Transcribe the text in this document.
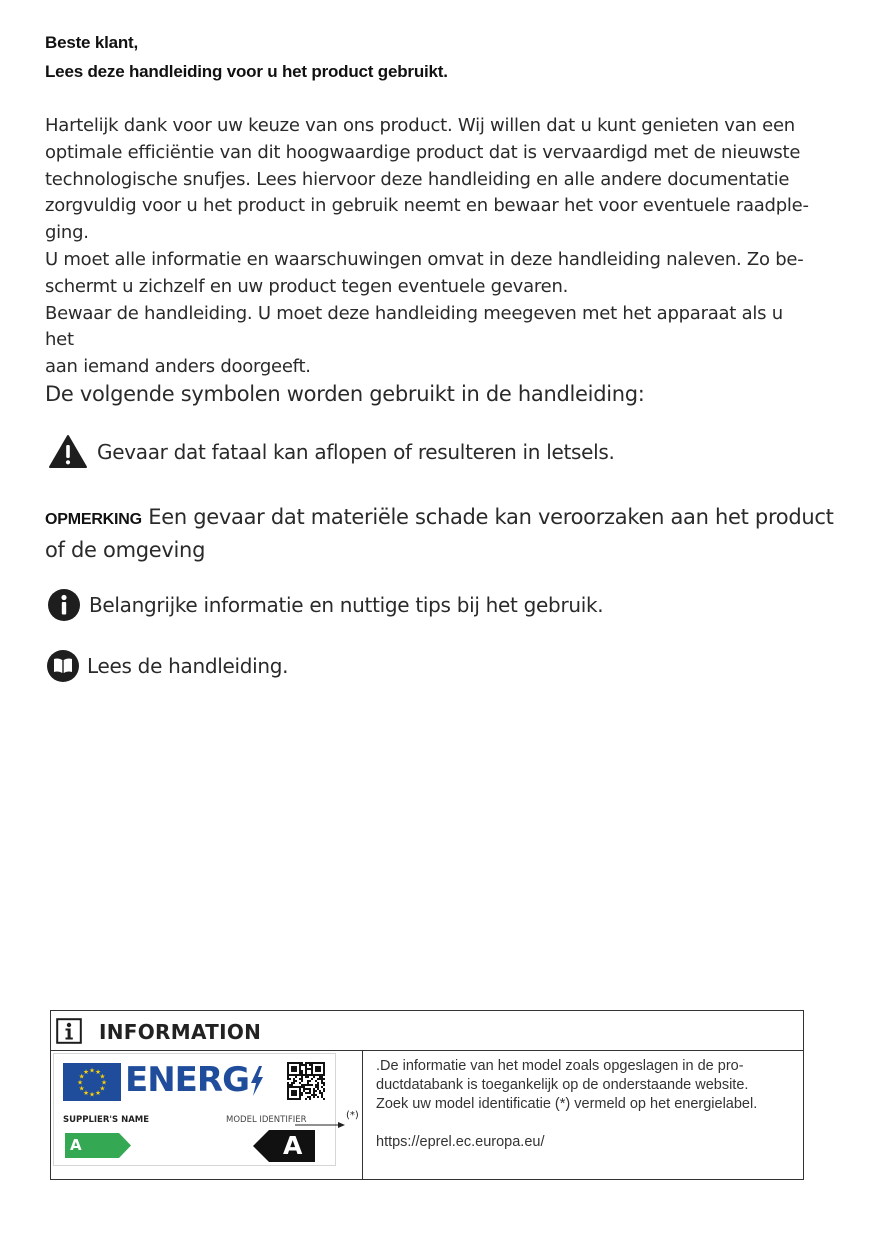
Beste klant,
Lees deze handleiding voor u het product gebruikt.

Hartelijk dank voor uw keuze van ons product. Wij willen dat u kunt genieten van een
optimale efficiëntie van dit hoogwaardige product dat is vervaardigd met de nieuwste
technologische snufjes. Lees hiervoor deze handleiding en alle andere documentatie
zorgvuldig voor u het product in gebruik neemt en bewaar het voor eventuele raadple-
ging.

U moet alle informatie en waarschuwingen omvat in deze handleiding naleven. Zo be-
schermt u zichzelf en uw product tegen eventuele gevaren.

Bewaar de handleiding. U moet deze handleiding meegeven met het apparaat als u het
aan iemand anders doorgeeft.

De volgende symbolen worden gebruikt in de handleiding:
Gevaar dat fataal kan aflopen of resulteren in letsels.
OPMERKING Een gevaar dat materiële schade kan veroorzaken aan het product of de omgeving
Belangrijke informatie en nuttige tips bij het gebruik.
Lees de handleiding.
INFORMATION
★ ★
★
★
★
★
★
★
★
★
★
★ ENERG
SUPPLIER'S NAME	MODEL IDENTIFIER
A	A
(*)

.De informatie van het model zoals opgeslagen in de pro-
ductdatabank is toegankelijk op de onderstaande website.
Zoek uw model identificatie (*) vermeld op het energielabel.

https://eprel.ec.europa.eu/
